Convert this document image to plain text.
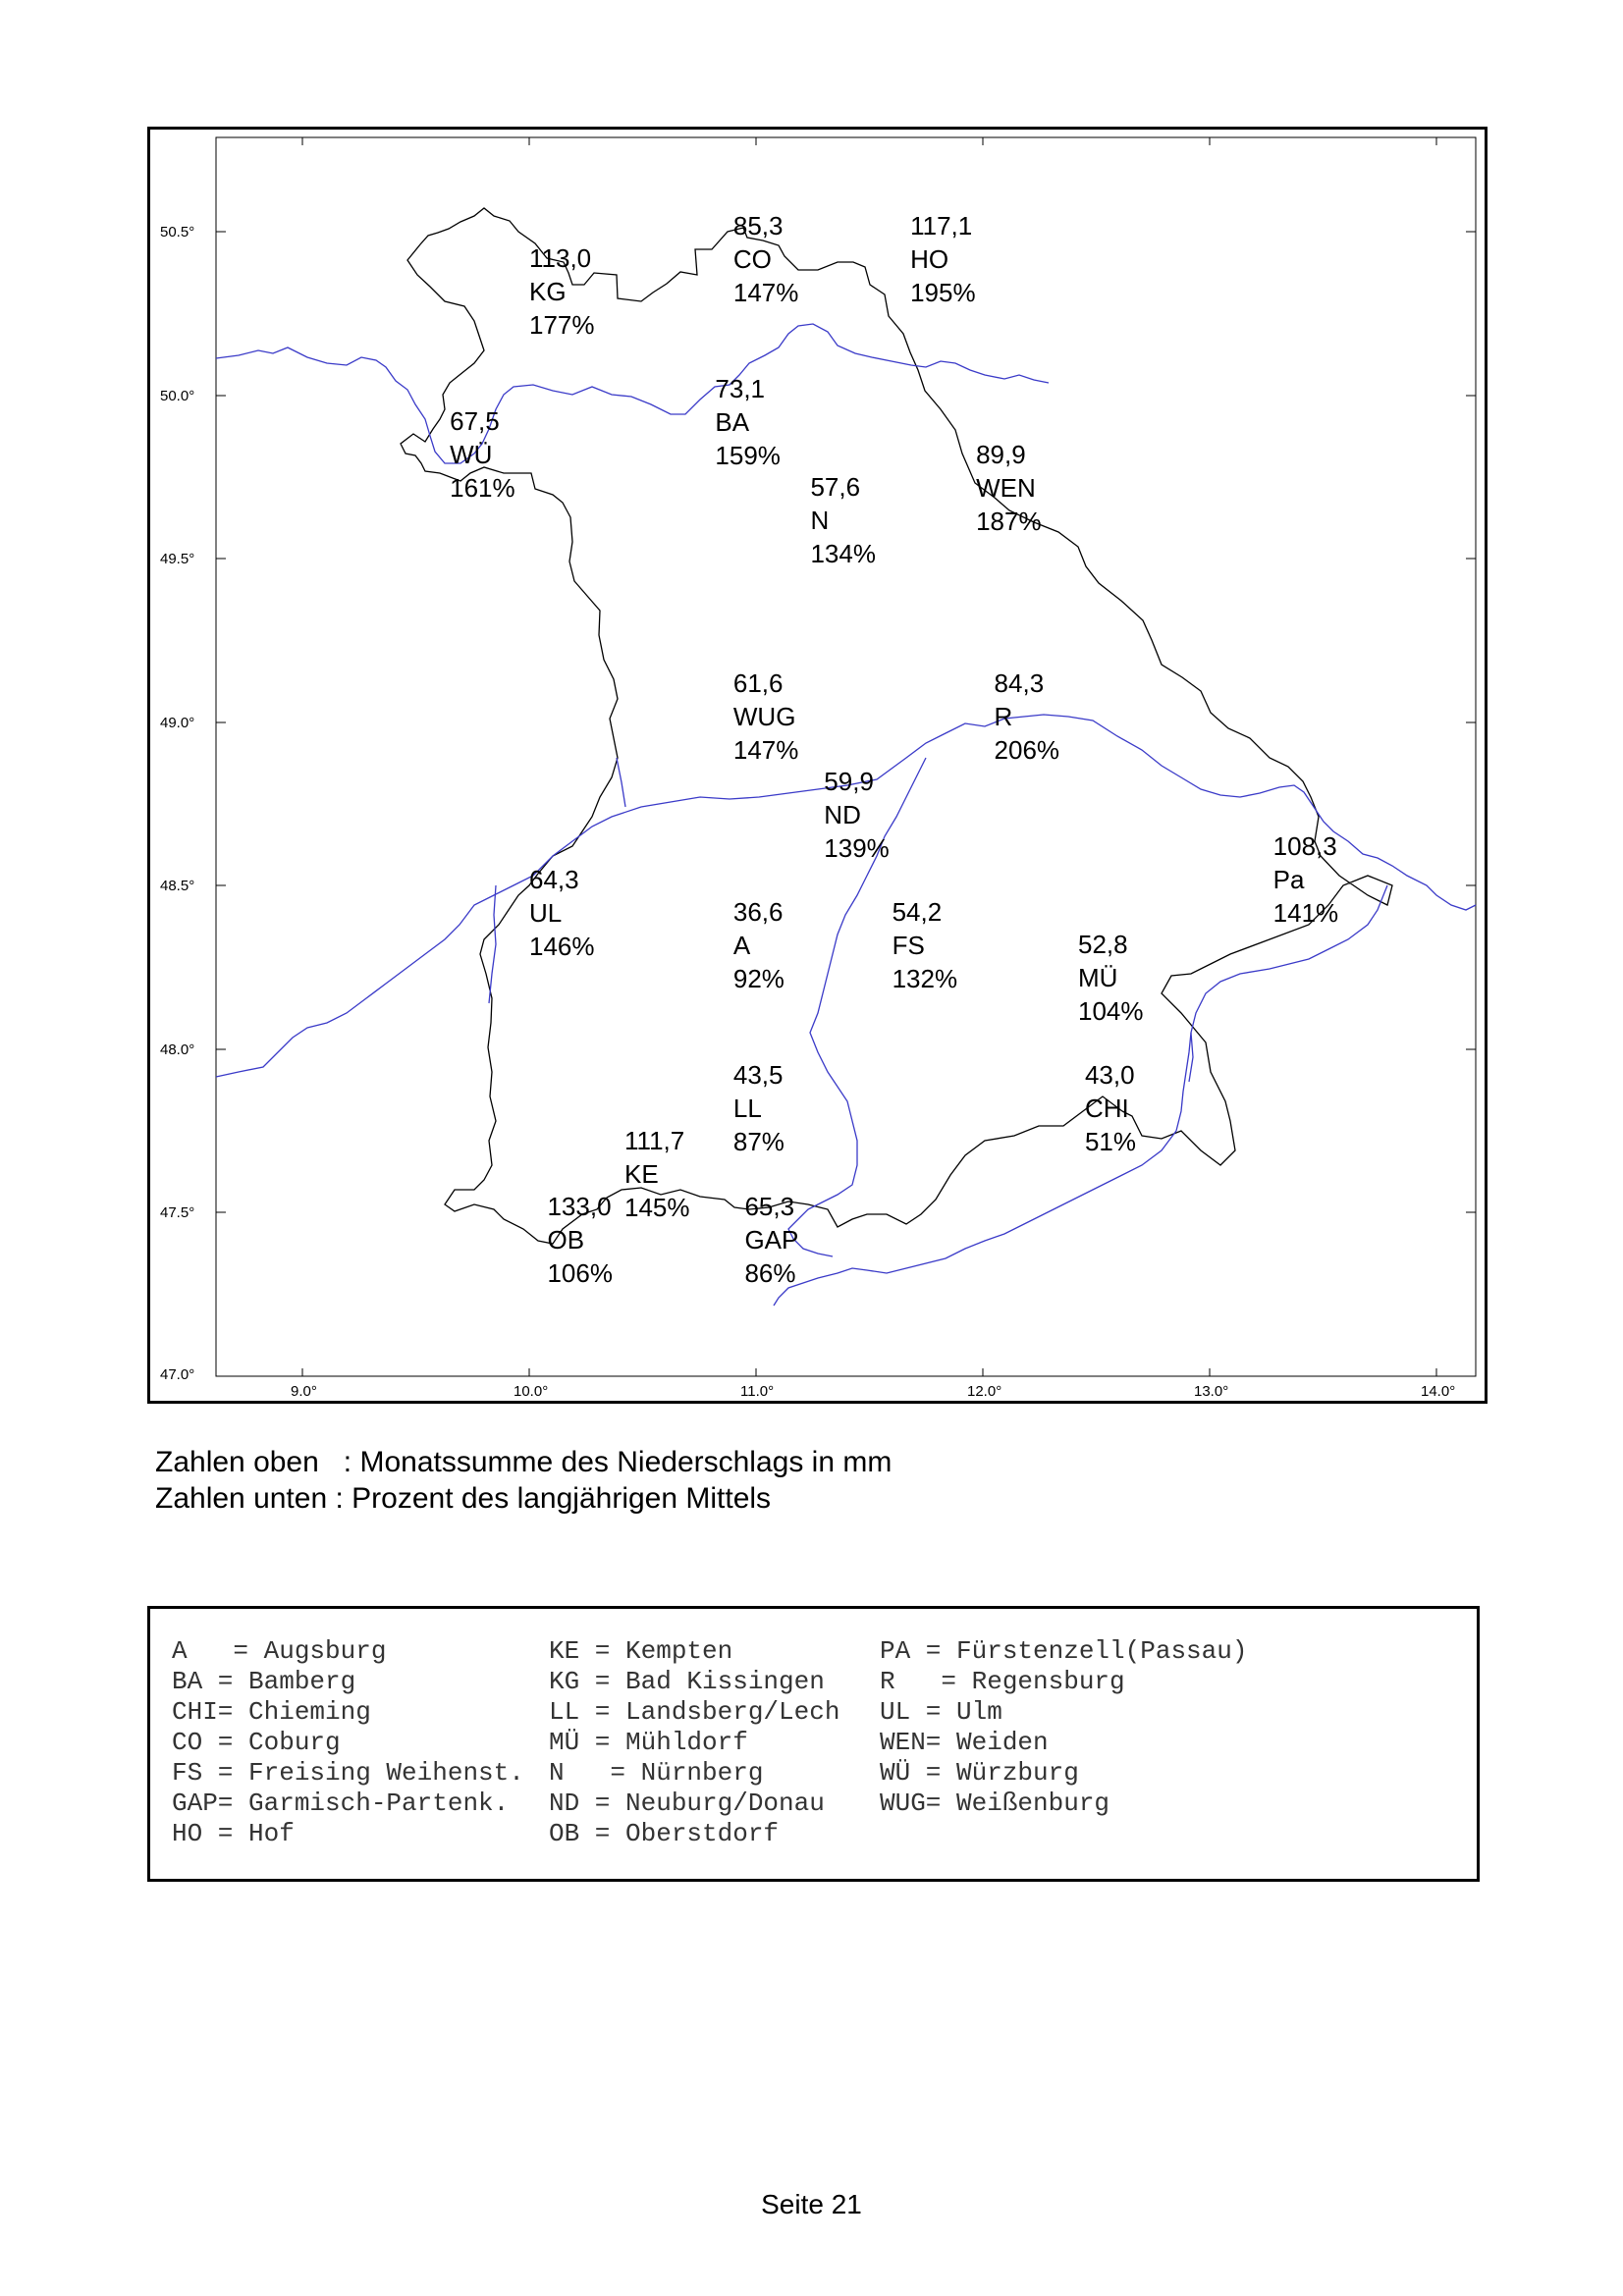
50.5°
50.0°
49.5°
49.0°
48.5°
48.0°
47.5°
47.0°
9.0°	10.0°	11.0°	12.0°	13.0°	14.0°
113,0
KG
177%
85,3
CO
147%
117,1
HO
195%
73,1
BA
159%
67,5
WÜ
161%
89,9
WEN
187%
57,6
N
134%
61,6
WUG
147%
84,3
R
206%
59,9
ND
139%	108,3
Pa
141%
64,3
UL
146%
36,6
A
92%
54,2
FS
132%
52,8
MÜ
104%
43,5
LL
87%
43,0
CHI
51%
111,7
KE
145% 65,3
GAP
86%
133,0
OB
106%
Zahlen oben   : Monatssumme des Niederschlags in mm
Zahlen unten : Prozent des langjährigen Mittels
A   = Augsburg
BA = Bamberg
CHI= Chieming
CO = Coburg
FS = Freising Weihenst.
GAP= Garmisch-Partenk.
HO = Hof
KE = Kempten
KG = Bad Kissingen
LL = Landsberg/Lech
MÜ = Mühldorf
N   = Nürnberg
ND = Neuburg/Donau
OB = Oberstdorf
PA = Fürstenzell(Passau)
R   = Regensburg
UL = Ulm
WEN= Weiden
WÜ = Würzburg
WUG= Weißenburg
Seite 21
